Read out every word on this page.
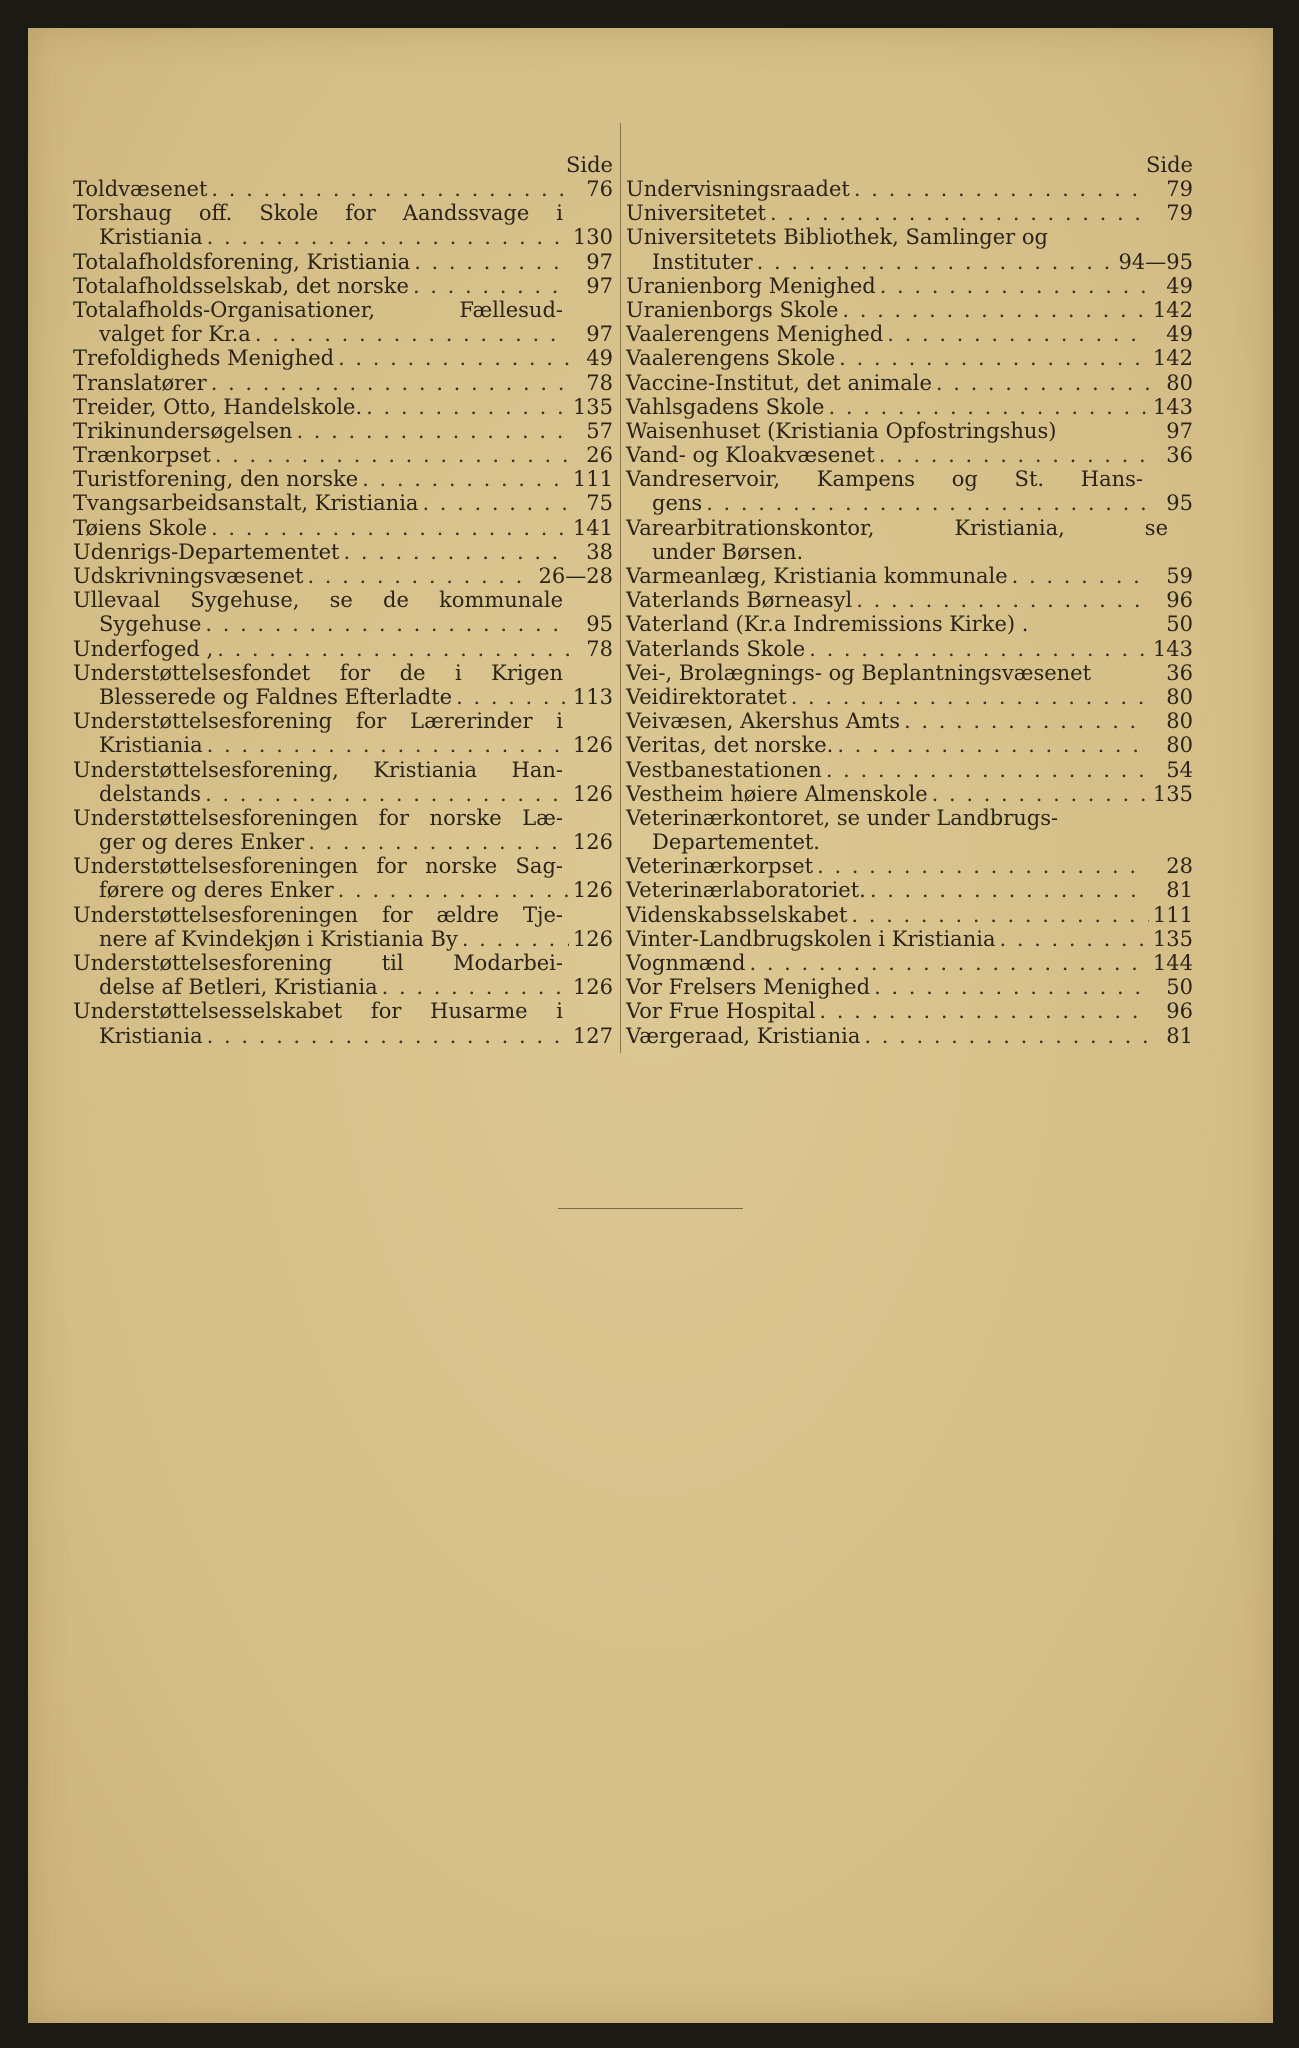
Side
Toldvæsenet . . .	76
Torshaug off. Skole for Aandssvage i
Kristiania . . .	130
Totalafholdsforening, Kristiania . . .	97
Totalafholdsselskab, det norske . . .	97
Totalafholds-Organisationer, Fællesud-
valget for Kr.a . . .	97
Trefoldigheds Menighed . . .	49
Translatører . . .	78
Treider, Otto, Handelskole. . . .	135
Trikinundersøgelsen . . .	57
Trænkorpset . . .	26
Turistforening, den norske . . .	111
Tvangsarbeidsanstalt, Kristiania . . .	75
Tøiens Skole . . .	141
Udenrigs-Departementet . . .	38
Udskrivningsvæsenet . . .	26—28
Ullevaal Sygehuse, se de kommunale
Sygehuse . . .	95
Underfoged , . . .	78
Understøttelsesfondet for de i Krigen
Blesserede og Faldnes Efterladte . . .	113
Understøttelsesforening for Lærerinder i
Kristiania . . .	126
Understøttelsesforening, Kristiania Han-
delstands . . .	126
Understøttelsesforeningen for norske Læ-
ger og deres Enker . . .	126
Understøttelsesforeningen for norske Sag-
førere og deres Enker . . .	126
Understøttelsesforeningen for ældre Tje-
nere af Kvindekjøn i Kristiania By . . .	126
Understøttelsesforening til Modarbei-
delse af Betleri, Kristiania . . .	126
Understøttelsesselskabet for Husarme i
Kristiania . . .	127
Side
Undervisningsraadet . . .	79
Universitetet . . .	79
Universitetets Bibliothek, Samlinger og
Instituter . . .	94—95
Uranienborg Menighed . . .	49
Uranienborgs Skole . . .	142
Vaalerengens Menighed . . .	49
Vaalerengens Skole . . .	142
Vaccine-Institut, det animale . . .	80
Vahlsgadens Skole . . .	143
Waisenhuset (Kristiania Opfostringshus)	97
Vand- og Kloakvæsenet . . .	36
Vandreservoir, Kampens og St. Hans-
gens . . .	95
Varearbitrationskontor, Kristiania, se
under Børsen.
Varmeanlæg, Kristiania kommunale . . .	59
Vaterlands Børneasyl . . .	96
Vaterland (Kr.a Indremissions Kirke) .	50
Vaterlands Skole . . .	143
Vei-, Brolægnings- og Beplantningsvæsenet	36
Veidirektoratet . . .	80
Veivæsen, Akershus Amts . . .	80
Veritas, det norske. . . .	80
Vestbanestationen . . .	54
Vestheim høiere Almenskole . . .	135
Veterinærkontoret, se under Landbrugs-
Departementet.
Veterinærkorpset . . .	28
Veterinærlaboratoriet. . . .	81
Videnskabsselskabet . . .	111
Vinter-Landbrugskolen i Kristiania . . .	135
Vognmænd . . .	144
Vor Frelsers Menighed . . .	50
Vor Frue Hospital . . .	96
Værgeraad, Kristiania . . .	81
